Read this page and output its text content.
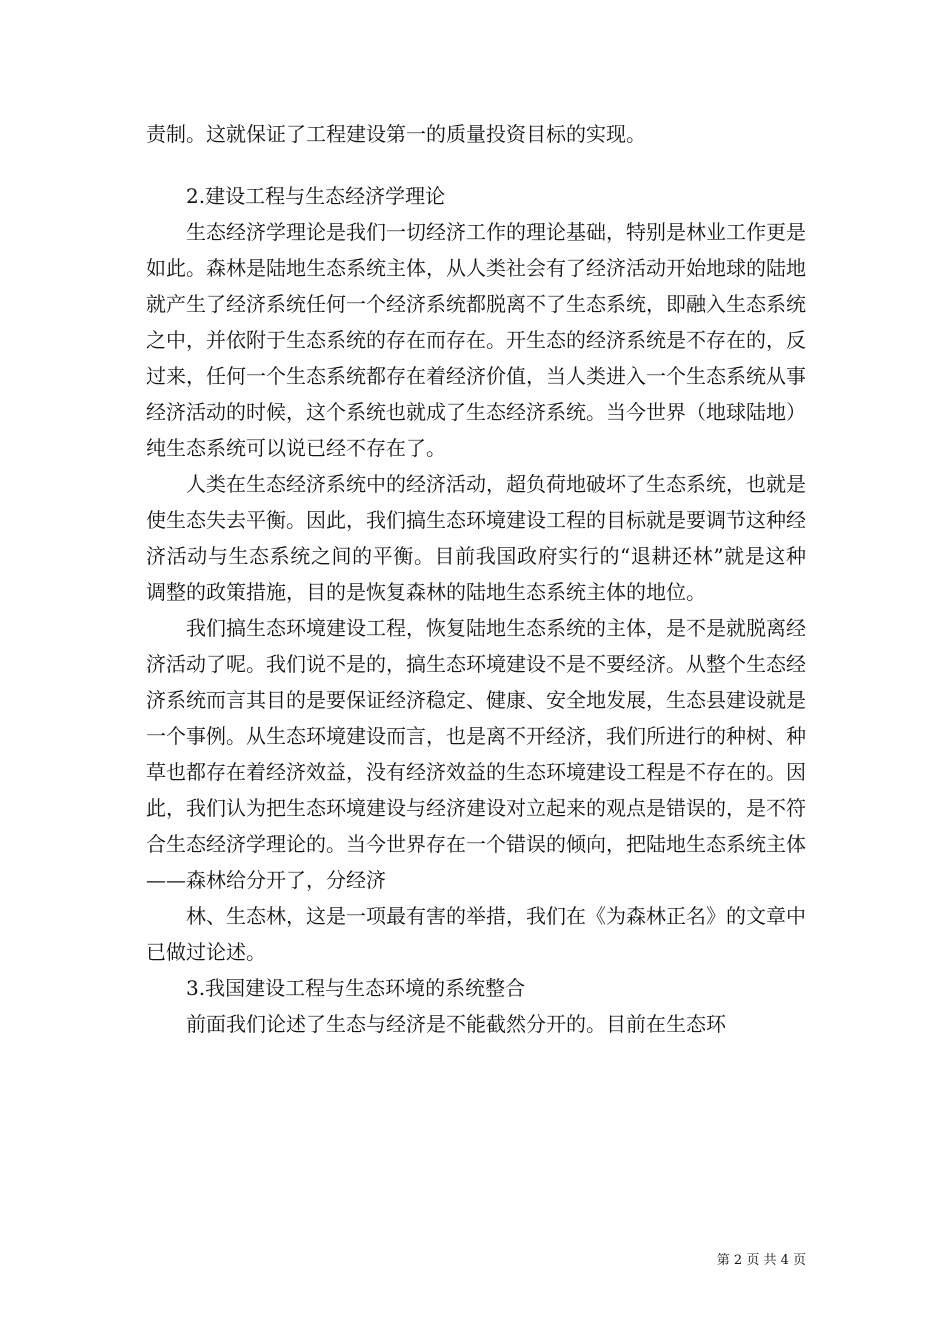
责制。这就保证了工程建设第一的质量投资目标的实现。

2.建设工程与生态经济学理论

生态经济学理论是我们一切经济工作的理论基础，特别是林业工作更是如此。森林是陆地生态系统主体，从人类社会有了经济活动开始地球的陆地就产生了经济系统任何一个经济系统都脱离不了生态系统，即融入生态系统之中，并依附于生态系统的存在而存在。开生态的经济系统是不存在的，反过来，任何一个生态系统都存在着经济价值，当人类进入一个生态系统从事经济活动的时候，这个系统也就成了生态经济系统。当今世界（地球陆地）纯生态系统可以说已经不存在了。

人类在生态经济系统中的经济活动，超负荷地破坏了生态系统，也就是使生态失去平衡。因此，我们搞生态环境建设工程的目标就是要调节这种经济活动与生态系统之间的平衡。目前我国政府实行的“退耕还林”就是这种调整的政策措施，目的是恢复森林的陆地生态系统主体的地位。

我们搞生态环境建设工程，恢复陆地生态系统的主体，是不是就脱离经济活动了呢。我们说不是的，搞生态环境建设不是不要经济。从整个生态经济系统而言其目的是要保证经济稳定、健康、安全地发展，生态县建设就是一个事例。从生态环境建设而言，也是离不开经济，我们所进行的种树、种草也都存在着经济效益，没有经济效益的生态环境建设工程是不存在的。因此，我们认为把生态环境建设与经济建设对立起来的观点是错误的，是不符合生态经济学理论的。当今世界存在一个错误的倾向，把陆地生态系统主体——森林给分开了，分经济

林、生态林，这是一项最有害的举措，我们在《为森林正名》的文章中已做过论述。

3.我国建设工程与生态环境的系统整合

前面我们论述了生态与经济是不能截然分开的。目前在生态环

第 2 页 共 4 页
